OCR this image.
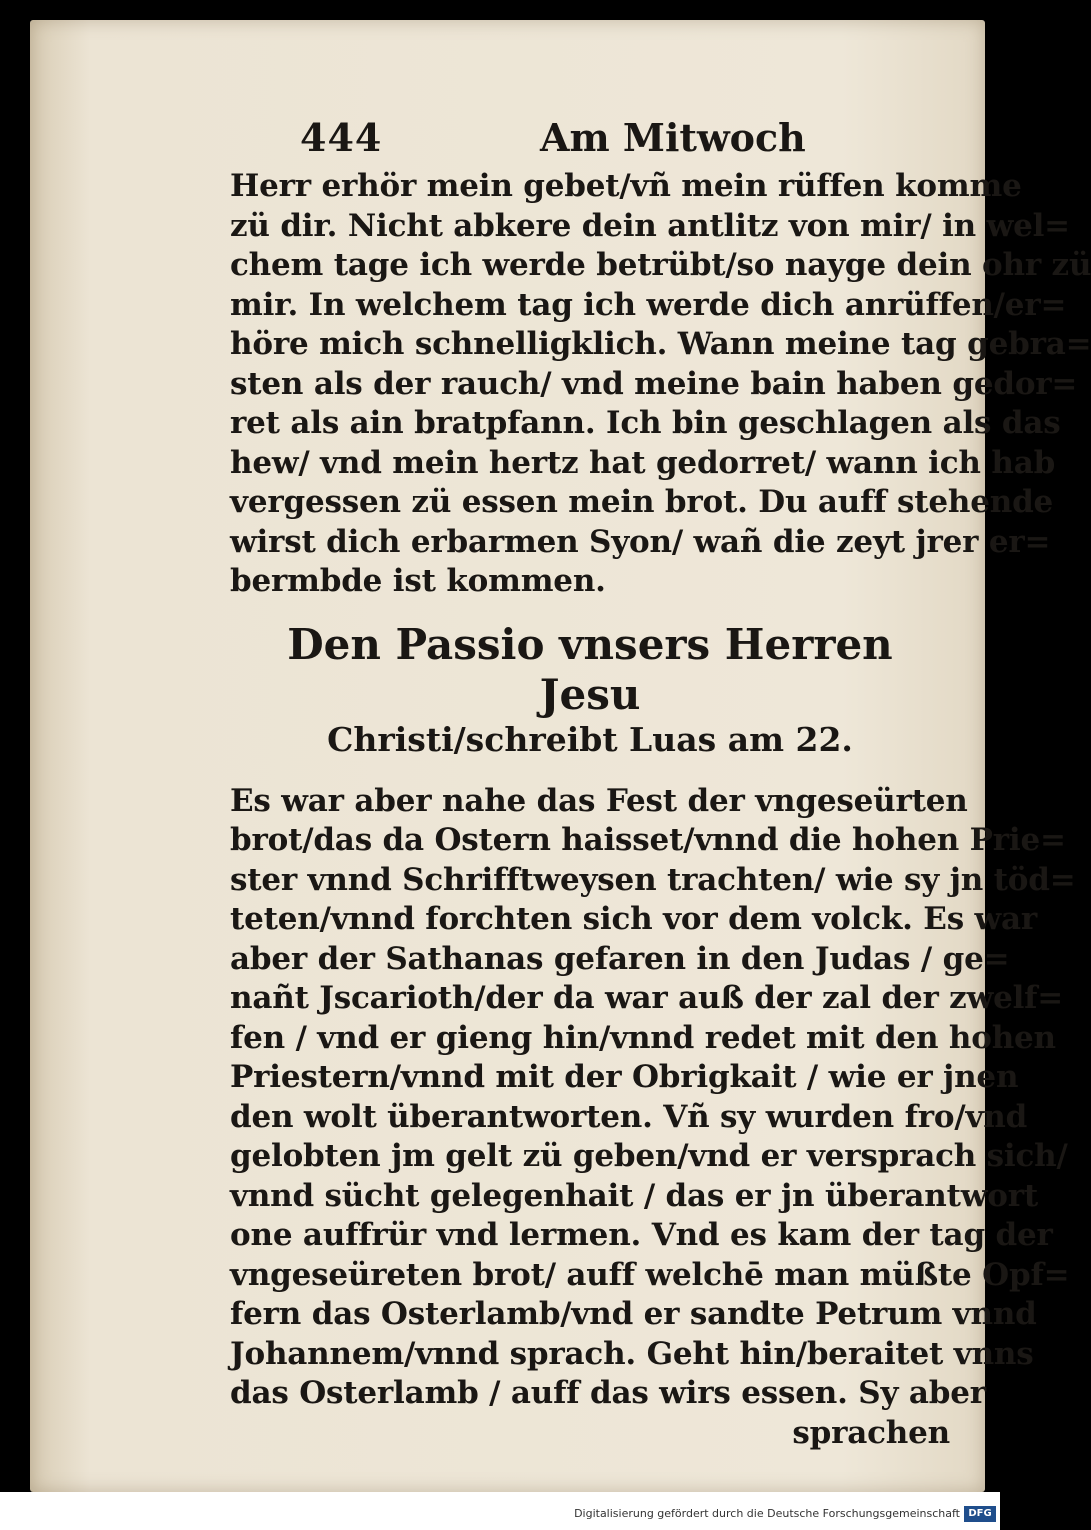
444	Am Mitwoch
Herr erhör mein gebet/vñ mein rüffen komme
zü dir. Nicht abkere dein antlitz von mir/ in wel=
chem tage ich werde betrübt/so nayge dein ohr zü
mir. In welchem tag ich werde dich anrüffen/er=
höre mich schnelligklich. Wann meine tag gebra=
sten als der rauch/ vnd meine bain haben gedor=
ret als ain bratpfann. Ich bin geschlagen als das
hew/ vnd mein hertz hat gedorret/ wann ich hab
vergessen zü essen mein brot. Du auff stehende
wirst dich erbarmen Syon/ wañ die zeyt jrer er=
bermbde ist kommen.
Den Passio vnsers Herren Jesu
Christi/schreibt Luas am 22.
Es war aber nahe das Fest der vngeseürten
brot/das da Ostern haisset/vnnd die hohen Prie=
ster vnnd Schrifftweysen trachten/ wie sy jn töd=
teten/vnnd forchten sich vor dem volck. Es war
aber der Sathanas gefaren in den Judas / ge=
nañt Jscarioth/der da war auß der zal der zwelf=
fen / vnd er gieng hin/vnnd redet mit den hohen
Priestern/vnnd mit der Obrigkait / wie er jnen
den wolt überantworten. Vñ sy wurden fro/vnd
gelobten jm gelt zü geben/vnd er versprach sich/
vnnd sücht gelegenhait / das er jn überantwort
one auffrür vnd lermen. Vnd es kam der tag der
vngeseüreten brot/ auff welchē man müßte Opf=
fern das Osterlamb/vnd er sandte Petrum vnnd
Johannem/vnnd sprach. Geht hin/beraitet vnns
das Osterlamb / auff das wirs essen. Sy aber
sprachen
Digitalisierung gefördert durch die Deutsche Forschungsgemeinschaft DFG
